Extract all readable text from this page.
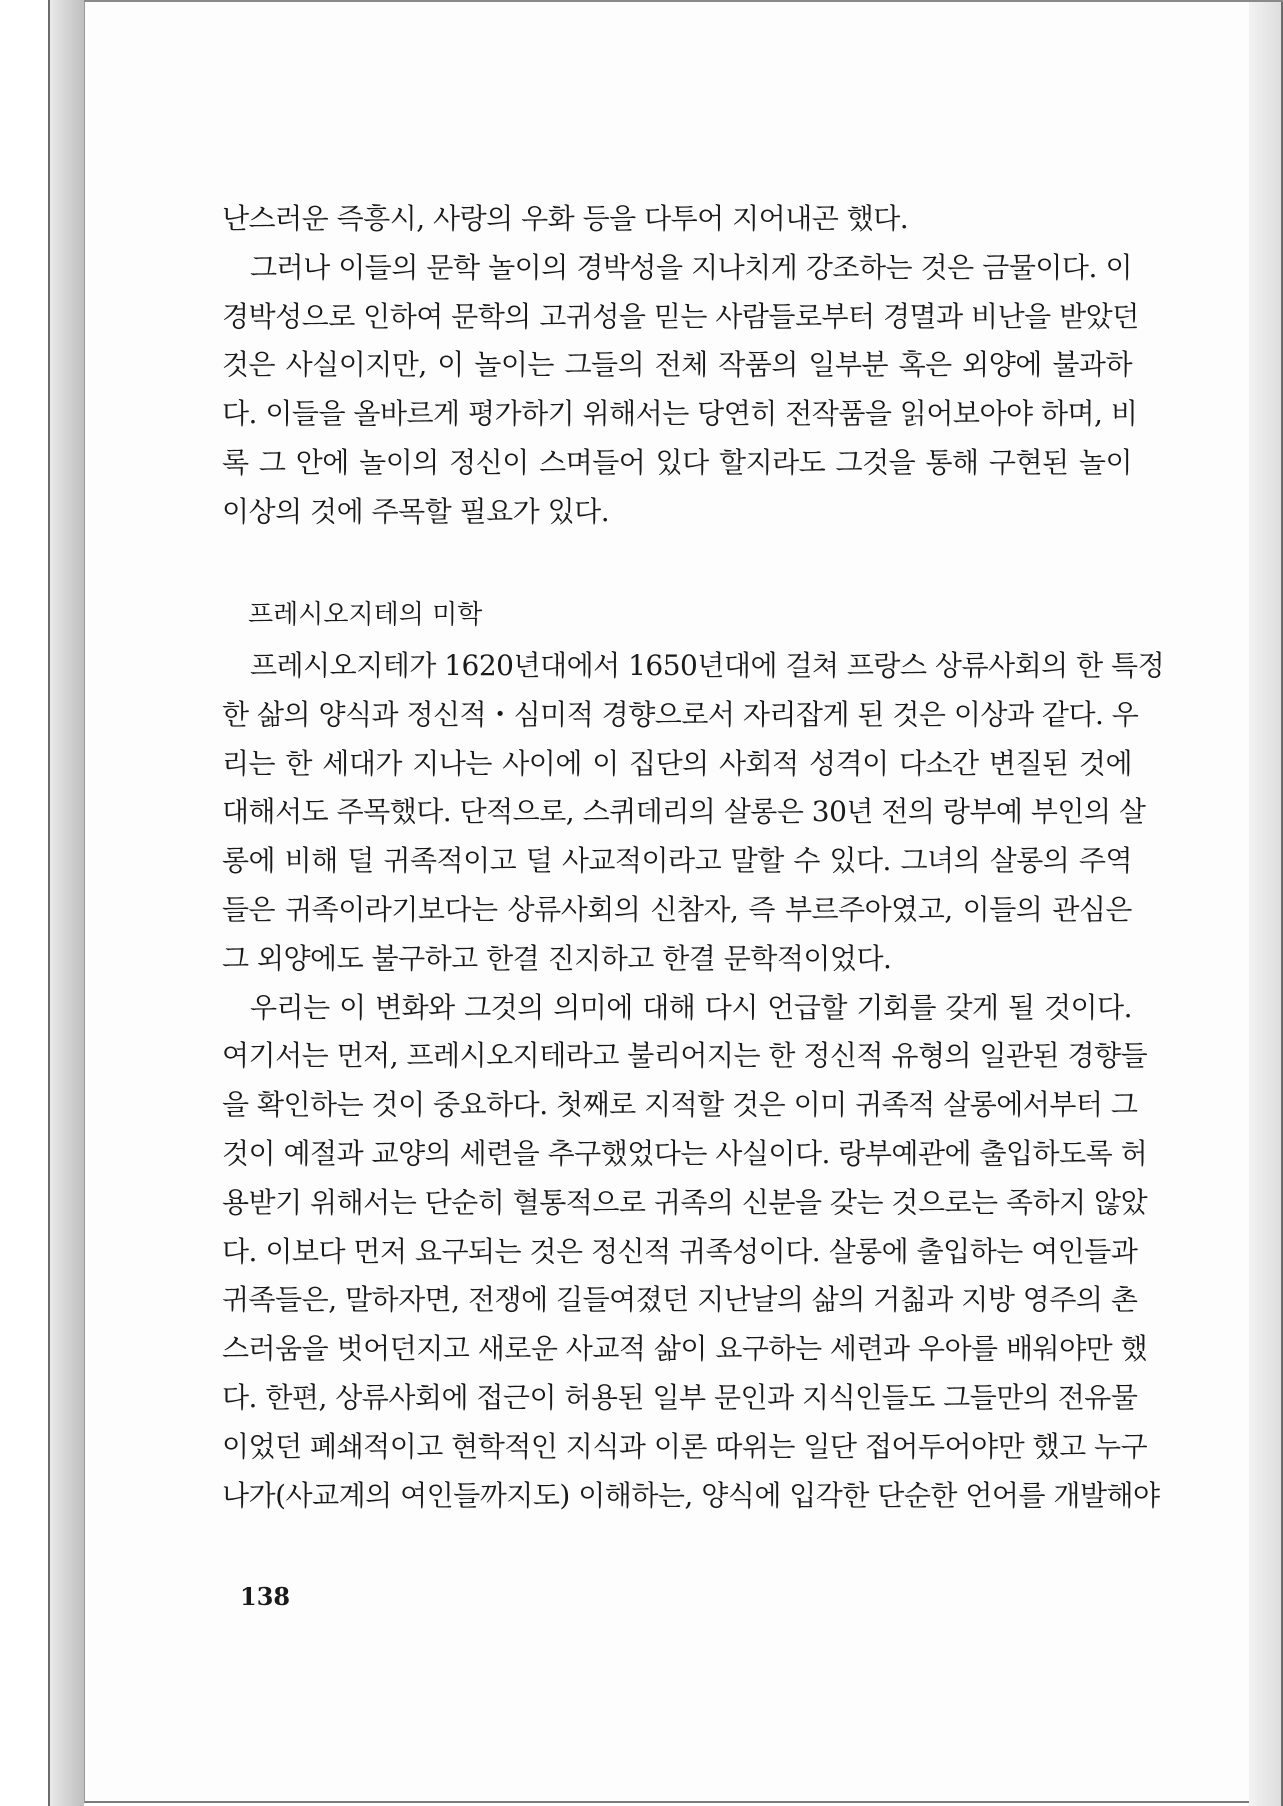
난스러운 즉흥시, 사랑의 우화 등을 다투어 지어내곤 했다.
그러나 이들의 문학 놀이의 경박성을 지나치게 강조하는 것은 금물이다. 이
경박성으로 인하여 문학의 고귀성을 믿는 사람들로부터 경멸과 비난을 받았던
것은 사실이지만, 이 놀이는 그들의 전체 작품의 일부분 혹은 외양에 불과하
다. 이들을 올바르게 평가하기 위해서는 당연히 전작품을 읽어보아야 하며, 비
록 그 안에 놀이의 정신이 스며들어 있다 할지라도 그것을 통해 구현된 놀이
이상의 것에 주목할 필요가 있다.
프레시오지테의 미학
프레시오지테가 1620년대에서 1650년대에 걸쳐 프랑스 상류사회의 한 특정
한 삶의 양식과 정신적・심미적 경향으로서 자리잡게 된 것은 이상과 같다. 우
리는 한 세대가 지나는 사이에 이 집단의 사회적 성격이 다소간 변질된 것에
대해서도 주목했다. 단적으로, 스퀴데리의 살롱은 30년 전의 랑부예 부인의 살
롱에 비해 덜 귀족적이고 덜 사교적이라고 말할 수 있다. 그녀의 살롱의 주역
들은 귀족이라기보다는 상류사회의 신참자, 즉 부르주아였고, 이들의 관심은
그 외양에도 불구하고 한결 진지하고 한결 문학적이었다.
우리는 이 변화와 그것의 의미에 대해 다시 언급할 기회를 갖게 될 것이다.
여기서는 먼저, 프레시오지테라고 불리어지는 한 정신적 유형의 일관된 경향들
을 확인하는 것이 중요하다. 첫째로 지적할 것은 이미 귀족적 살롱에서부터 그
것이 예절과 교양의 세련을 추구했었다는 사실이다. 랑부예관에 출입하도록 허
용받기 위해서는 단순히 혈통적으로 귀족의 신분을 갖는 것으로는 족하지 않았
다. 이보다 먼저 요구되는 것은 정신적 귀족성이다. 살롱에 출입하는 여인들과
귀족들은, 말하자면, 전쟁에 길들여졌던 지난날의 삶의 거칢과 지방 영주의 촌
스러움을 벗어던지고 새로운 사교적 삶이 요구하는 세련과 우아를 배워야만 했
다. 한편, 상류사회에 접근이 허용된 일부 문인과 지식인들도 그들만의 전유물
이었던 폐쇄적이고 현학적인 지식과 이론 따위는 일단 접어두어야만 했고 누구
나가(사교계의 여인들까지도) 이해하는, 양식에 입각한 단순한 언어를 개발해야
138
